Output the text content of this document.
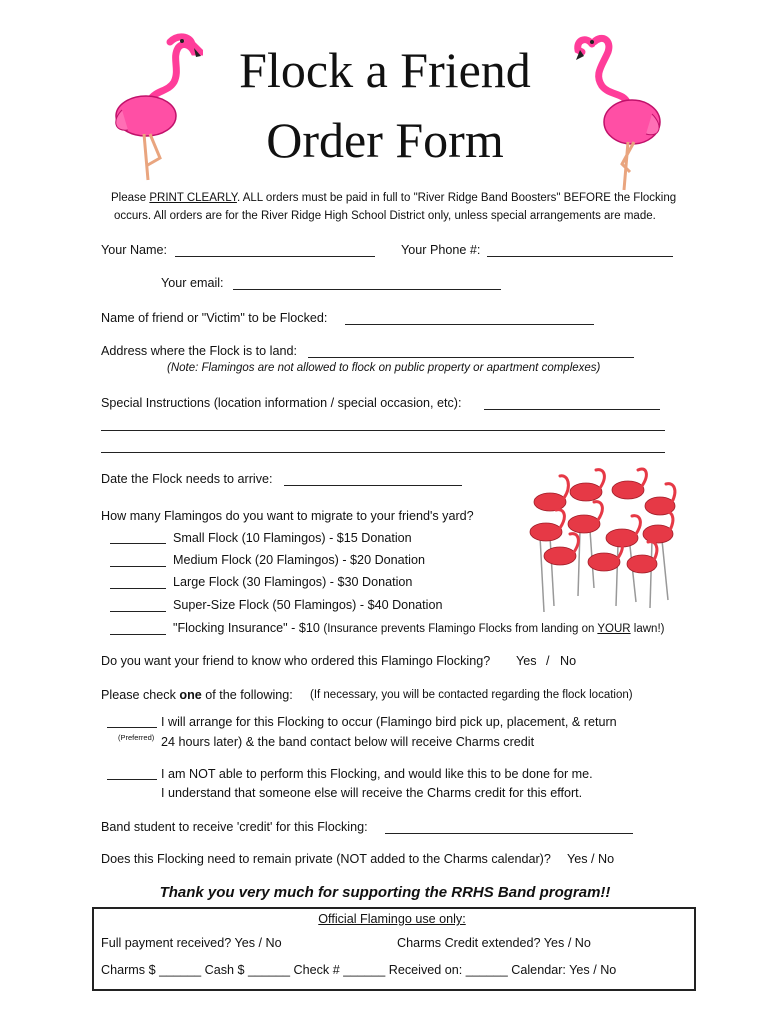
Flock a Friend
Order Form
Please PRINT CLEARLY. ALL orders must be paid in full to "River Ridge Band Boosters" BEFORE the Flocking
occurs. All orders are for the River Ridge High School District only, unless special arrangements are made.
Your Name:	Your Phone #:
Your email:
Name of friend or "Victim" to be Flocked:
Address where the Flock is to land:
(Note: Flamingos are not allowed to flock on public property or apartment complexes)
Special Instructions (location information / special occasion, etc):
Date the Flock needs to arrive:
How many Flamingos do you want to migrate to your friend's yard?
Small Flock (10 Flamingos) - $15 Donation
Medium Flock (20 Flamingos) - $20 Donation
Large Flock (30 Flamingos) - $30 Donation
Super-Size Flock (50 Flamingos) - $40 Donation
"Flocking Insurance" - $10 (Insurance prevents Flamingo Flocks from landing on YOUR lawn!)
Do you want your friend to know who ordered this Flamingo Flocking? Yes / No
Please check one of the following: (If necessary, you will be contacted regarding the flock location)
I will arrange for this Flocking to occur (Flamingo bird pick up, placement, & return
(Preferred) 24 hours later) & the band contact below will receive Charms credit
I am NOT able to perform this Flocking, and would like this to be done for me.
I understand that someone else will receive the Charms credit for this effort.
Band student to receive 'credit' for this Flocking:
Does this Flocking need to remain private (NOT added to the Charms calendar)? Yes / No
Thank you very much for supporting the RRHS Band program!!
Official Flamingo use only:
Full payment received? Yes / No	Charms Credit extended? Yes / No
Charms $ ______ Cash $ ______ Check # ______ Received on: ______ Calendar: Yes / No
